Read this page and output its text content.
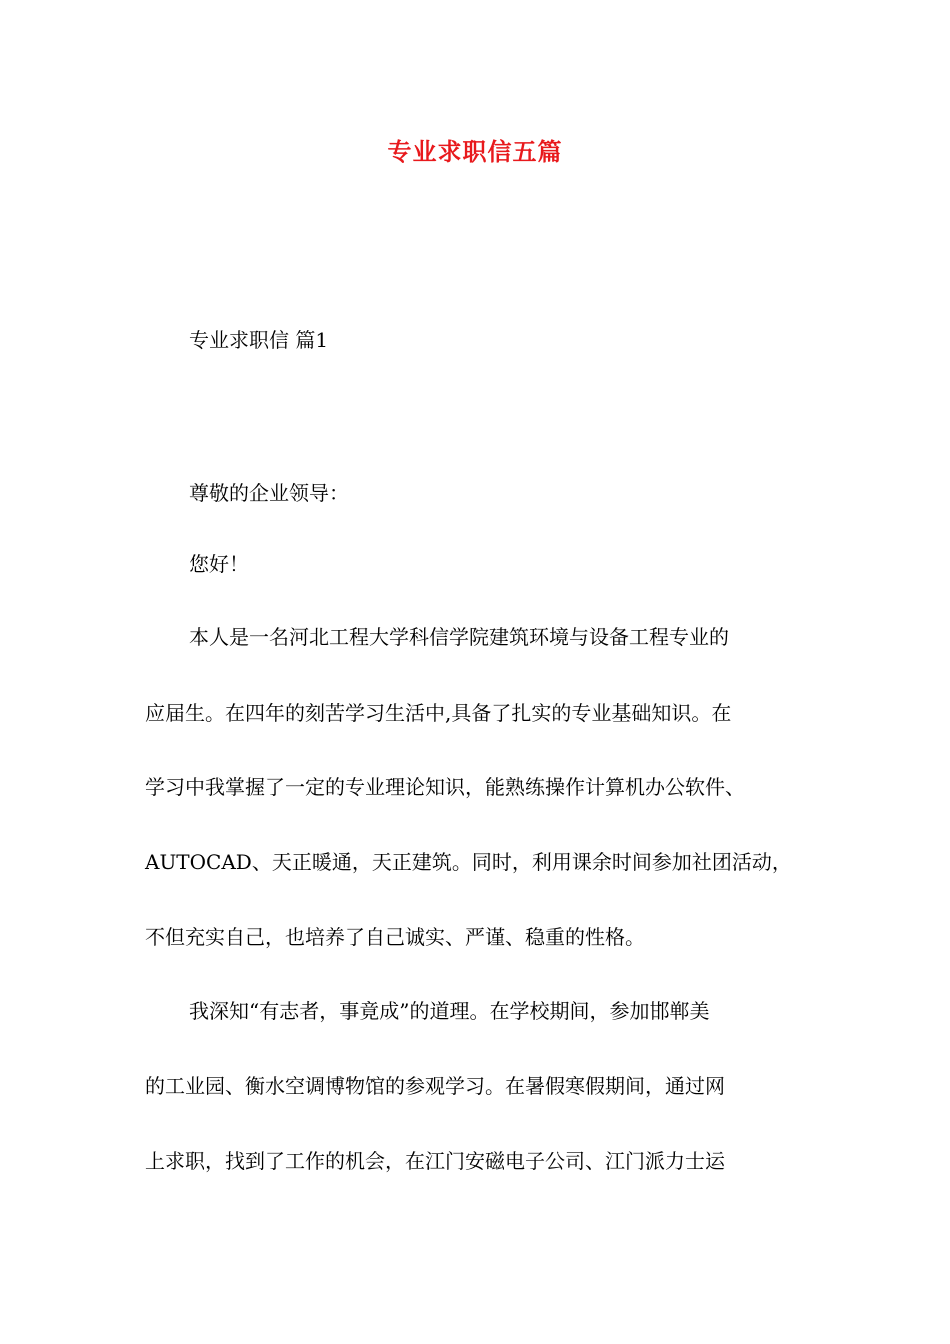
专业求职信五篇
专业求职信 篇1
尊敬的企业领导：
您好！
本人是一名河北工程大学科信学院建筑环境与设备工程专业的
应届生。在四年的刻苦学习生活中,具备了扎实的专业基础知识。在
学习中我掌握了一定的专业理论知识，能熟练操作计算机办公软件、
AUTOCAD、天正暖通，天正建筑。同时，利用课余时间参加社团活动，
不但充实自己，也培养了自己诚实、严谨、稳重的性格。
我深知“有志者，事竟成”的道理。在学校期间，参加邯郸美
的工业园、衡水空调博物馆的参观学习。在暑假寒假期间，通过网
上求职，找到了工作的机会，在江门安磁电子公司、江门派力士运
